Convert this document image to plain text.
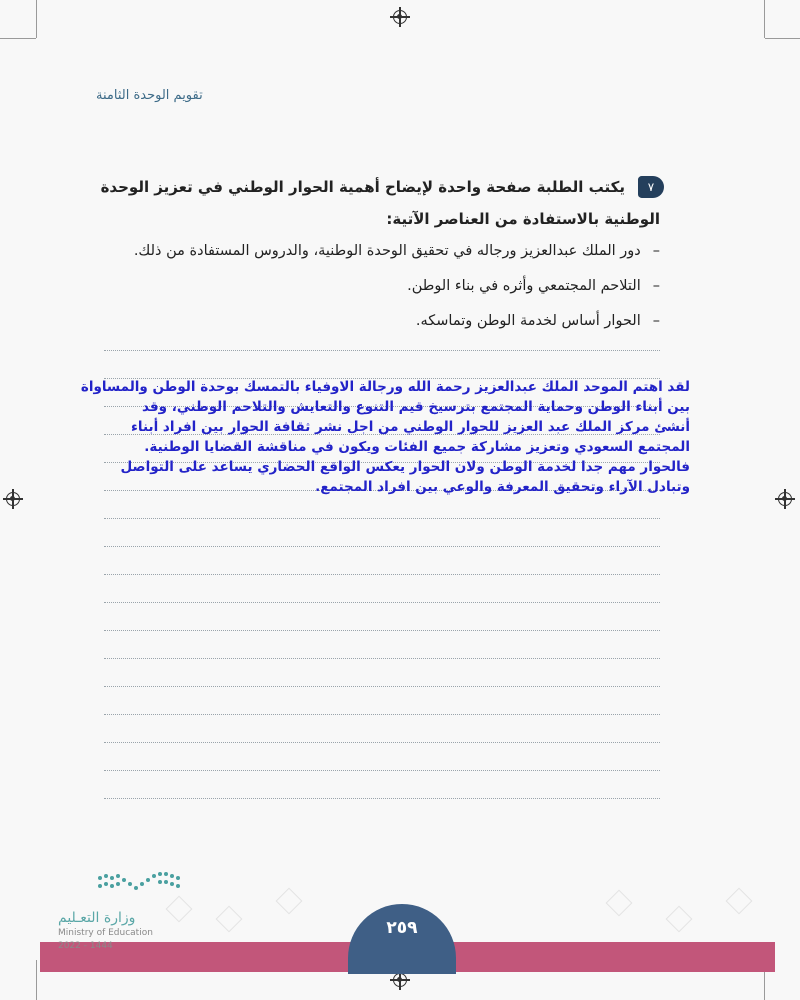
تقويم الوحدة الثامنة
٧
يكتب الطلبة صفحة واحدة لإيضاح أهمية الحوار الوطني في تعزيز الوحدة
الوطنية بالاستفادة من العناصر الآتية:
–دور الملك عبدالعزيز ورجاله في تحقيق الوحدة الوطنية، والدروس المستفادة من ذلك.
–التلاحم المجتمعي وأثره في بناء الوطن.
–الحوار أساس لخدمة الوطن وتماسكه.
لقد اهتم الموحد الملك عبدالعزيز رحمة الله ورجالة الاوفياء بالتمسك بوحدة الوطن والمساواة
بين أبناء الوطن وحماية المجتمع بترسيخ قيم التنوع والتعايش والتلاحم الوطني، وقد
أنشئ مركز الملك عبد العزيز للحوار الوطني من اجل نشر ثقافة الحوار بين افراد أبناء
المجتمع السعودي وتعزيز مشاركة جميع الفئات ويكون في مناقشة القضايا الوطنية.
فالحوار مهم جدا لخدمة الوطن ولان الحوار يعكس الواقع الحضاري يساعد على التواصل
وتبادل الآراء وتحقيق المعرفة والوعي بين افراد المجتمع.
٢٥٩
وزارة التعـليم
Ministry of Education
2022 - 1444
